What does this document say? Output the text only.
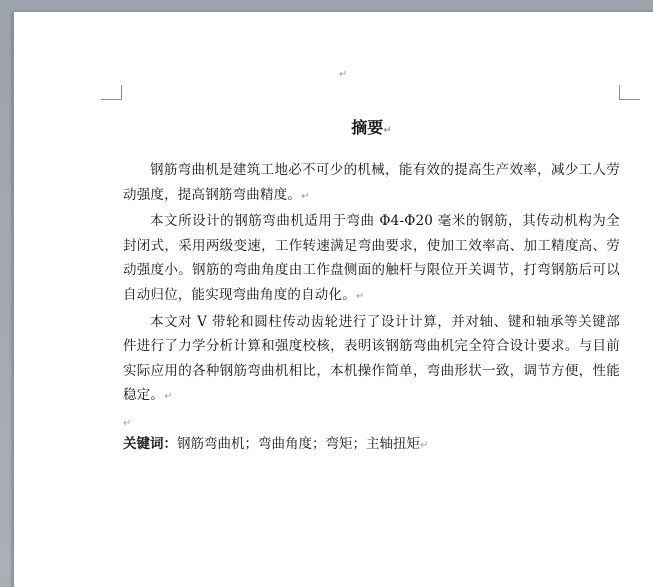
↵
摘要↵

钢筋弯曲机是建筑工地必不可少的机械，能有效的提高生产效率，减少工人劳动强度，提高钢筋弯曲精度。↵

本文所设计的钢筋弯曲机适用于弯曲 Φ4-Φ20 毫米的钢筋，其传动机构为全封闭式，采用两级变速，工作转速满足弯曲要求，使加工效率高、加工精度高、劳动强度小。钢筋的弯曲角度由工作盘侧面的触杆与限位开关调节，打弯钢筋后可以自动归位，能实现弯曲角度的自动化。↵

本文对 V 带轮和圆柱传动齿轮进行了设计计算，并对轴、键和轴承等关键部件进行了力学分析计算和强度校核，表明该钢筋弯曲机完全符合设计要求。与目前实际应用的各种钢筋弯曲机相比，本机操作简单，弯曲形状一致，调节方便，性能稳定。↵

↵
关键词：钢筋弯曲机；弯曲角度；弯矩；主轴扭矩↵
